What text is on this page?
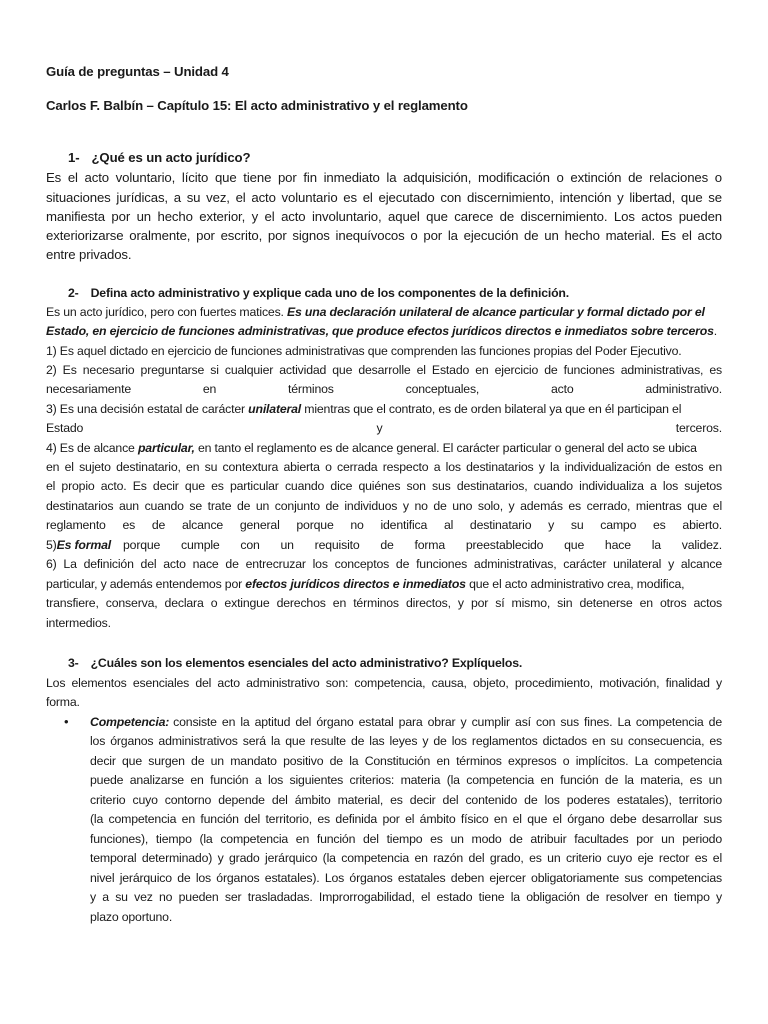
Guía de preguntas – Unidad 4
Carlos F. Balbín – Capítulo 15: El acto administrativo y el reglamento
1- ¿Qué es un acto jurídico?
Es el acto voluntario, lícito que tiene por fin inmediato la adquisición, modificación o extinción de relaciones o
situaciones jurídicas, a su vez, el acto voluntario es el ejecutado con discernimiento, intención y libertad, que se
manifiesta por un hecho exterior, y el acto involuntario, aquel que carece de discernimiento. Los actos pueden
exteriorizarse oralmente, por escrito, por signos inequívocos o por la ejecución de un hecho material. Es el acto
entre privados.
2- Defina acto administrativo y explique cada uno de los componentes de la definición.
Es un acto jurídico, pero con fuertes matices. Es una declaración unilateral de alcance particular y formal dictado por el
Estado, en ejercicio de funciones administrativas, que produce efectos jurídicos directos e inmediatos sobre terceros.
1) Es aquel dictado en ejercicio de funciones administrativas que comprenden las funciones propias del Poder Ejecutivo.
2) Es necesario preguntarse si cualquier actividad que desarrolle el Estado en ejercicio de funciones administrativas, es
necesariamente	en	términos	conceptuales,	acto	administrativo.
3) Es una decisión estatal de carácter unilateral mientras que el contrato, es de orden bilateral ya que en él participan el
Estado	y	terceros.
4) Es de alcance particular, en tanto el reglamento es de alcance general. El carácter particular o general del acto se ubica
en el sujeto destinatario, en su contextura abierta o cerrada respecto a los destinatarios y la individualización de estos en
el propio acto. Es decir que es particular cuando dice quiénes son sus destinatarios, cuando individualiza a los sujetos
destinatarios aun cuando se trate de un conjunto de individuos y no de uno solo, y además es cerrado, mientras que el
reglamento es de alcance general porque no identifica al destinatario y su campo es abierto.
5) Es formal porque cumple con un requisito de forma preestablecido que hace la validez.
6) La definición del acto nace de entrecruzar los conceptos de funciones administrativas, carácter unilateral y alcance
particular, y además entendemos por efectos jurídicos directos e inmediatos que el acto administrativo crea, modifica,
transfiere, conserva, declara o extingue derechos en términos directos, y por sí mismo, sin detenerse en otros actos
intermedios.
3- ¿Cuáles son los elementos esenciales del acto administrativo? Explíquelos.
Los elementos esenciales del acto administrativo son: competencia, causa, objeto, procedimiento, motivación, finalidad y
forma.
• Competencia: consiste en la aptitud del órgano estatal para obrar y cumplir así con sus fines. La competencia de
los órganos administrativos será la que resulte de las leyes y de los reglamentos dictados en su consecuencia, es
decir que surgen de un mandato positivo de la Constitución en términos expresos o implícitos. La competencia
puede analizarse en función a los siguientes criterios: materia (la competencia en función de la materia, es un
criterio cuyo contorno depende del ámbito material, es decir del contenido de los poderes estatales), territorio
(la competencia en función del territorio, es definida por el ámbito físico en el que el órgano debe desarrollar sus
funciones), tiempo (la competencia en función del tiempo es un modo de atribuir facultades por un periodo
temporal determinado) y grado jerárquico (la competencia en razón del grado, es un criterio cuyo eje rector es el
nivel jerárquico de los órganos estatales). Los órganos estatales deben ejercer obligatoriamente sus competencias
y a su vez no pueden ser trasladadas. Improrrogabilidad, el estado tiene la obligación de resolver en tiempo y
plazo oportuno.
